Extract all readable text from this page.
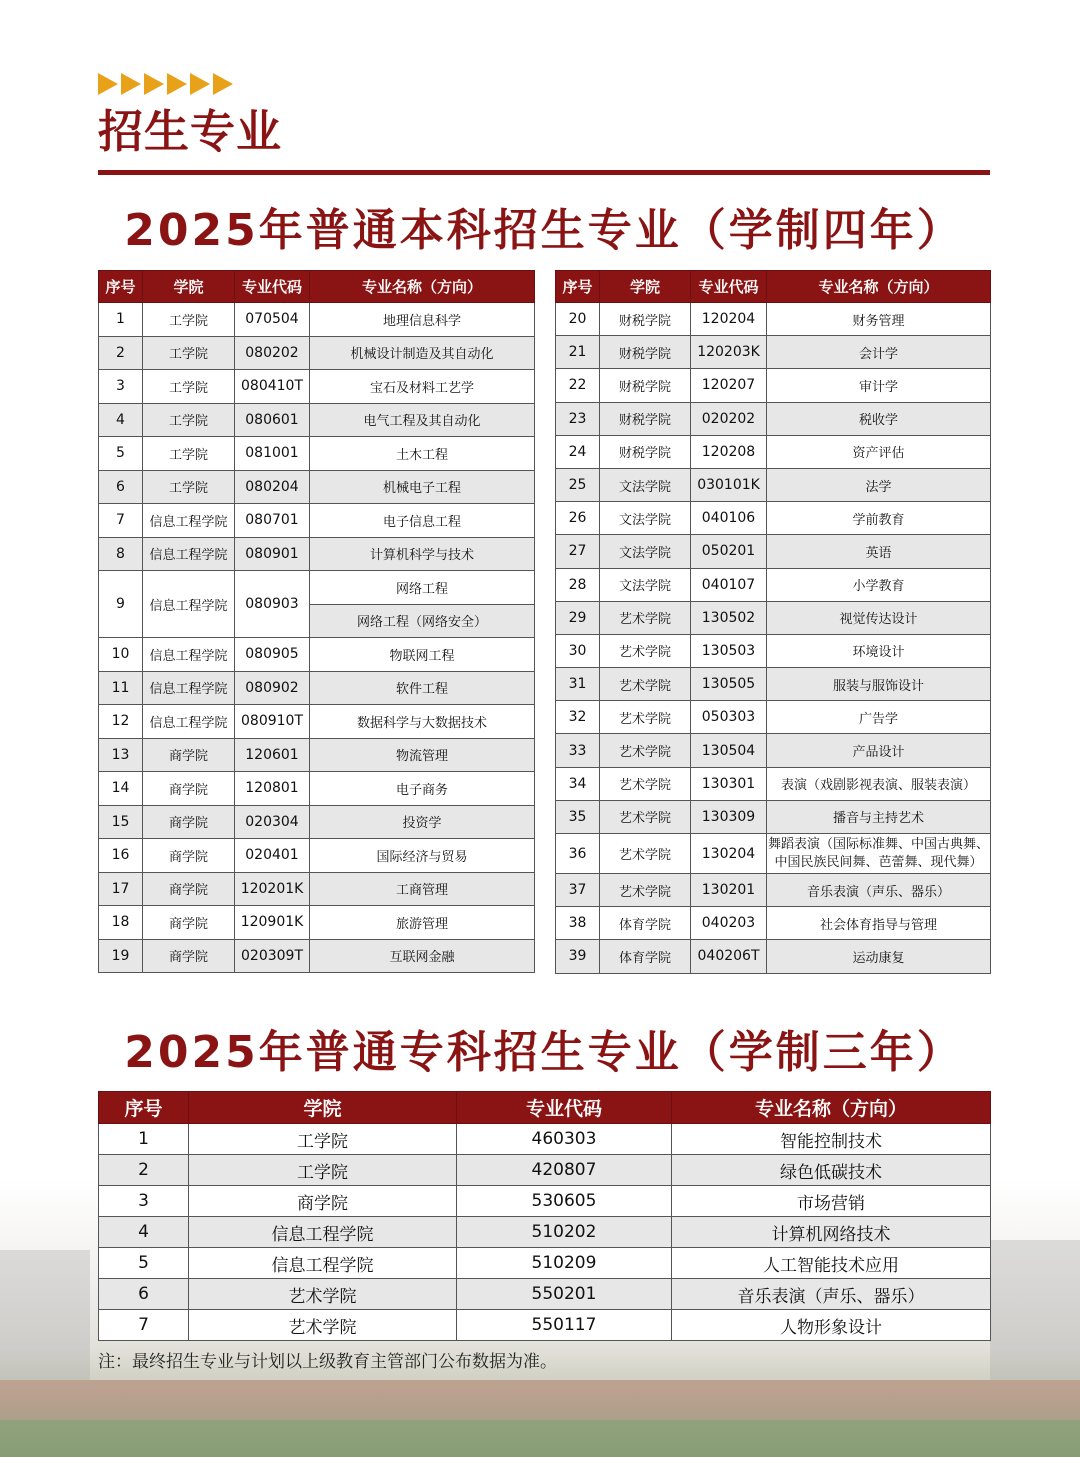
招生专业
2025年普通本科招生专业（学制四年）
序号	学院	专业代码	专业名称（方向）
1	工学院	070504	地理信息科学
2	工学院	080202	机械设计制造及其自动化
3	工学院	080410T	宝石及材料工艺学
4	工学院	080601	电气工程及其自动化
5	工学院	081001	土木工程
6	工学院	080204	机械电子工程
7	信息工程学院	080701	电子信息工程
8	信息工程学院	080901	计算机科学与技术
9	信息工程学院	080903	网络工程
			网络工程（网络安全）
10	信息工程学院	080905	物联网工程
11	信息工程学院	080902	软件工程
12	信息工程学院	080910T	数据科学与大数据技术
13	商学院	120601	物流管理
14	商学院	120801	电子商务
15	商学院	020304	投资学
16	商学院	020401	国际经济与贸易
17	商学院	120201K	工商管理
18	商学院	120901K	旅游管理
19	商学院	020309T	互联网金融
序号	学院	专业代码	专业名称（方向）
20	财税学院	120204	财务管理
21	财税学院	120203K	会计学
22	财税学院	120207	审计学
23	财税学院	020202	税收学
24	财税学院	120208	资产评估
25	文法学院	030101K	法学
26	文法学院	040106	学前教育
27	文法学院	050201	英语
28	文法学院	040107	小学教育
29	艺术学院	130502	视觉传达设计
30	艺术学院	130503	环境设计
31	艺术学院	130505	服装与服饰设计
32	艺术学院	050303	广告学
33	艺术学院	130504	产品设计
34	艺术学院	130301	表演（戏剧影视表演、服装表演）
35	艺术学院	130309	播音与主持艺术
36	艺术学院	130204	舞蹈表演（国际标准舞、中国古典舞、中国民族民间舞、芭蕾舞、现代舞）
37	艺术学院	130201	音乐表演（声乐、器乐）
38	体育学院	040203	社会体育指导与管理
39	体育学院	040206T	运动康复
2025年普通专科招生专业（学制三年）
序号	学院	专业代码	专业名称（方向）
1	工学院	460303	智能控制技术
2	工学院	420807	绿色低碳技术
3	商学院	530605	市场营销
4	信息工程学院	510202	计算机网络技术
5	信息工程学院	510209	人工智能技术应用
6	艺术学院	550201	音乐表演（声乐、器乐）
7	艺术学院	550117	人物形象设计

注：最终招生专业与计划以上级教育主管部门公布数据为准。
